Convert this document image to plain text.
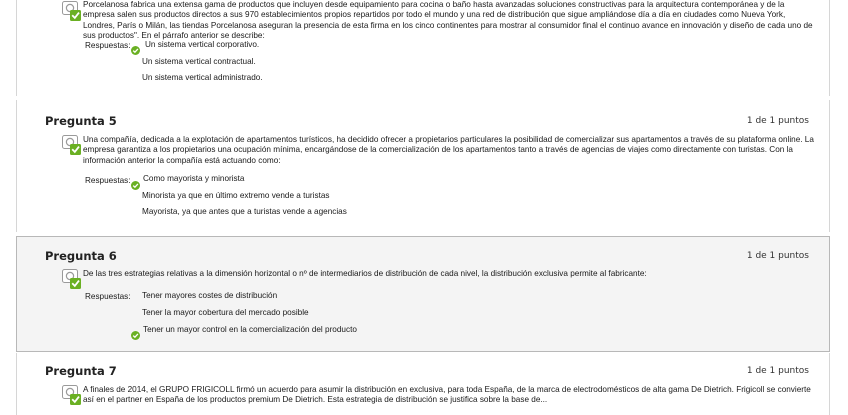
Porcelanosa fabrica una extensa gama de productos que incluyen desde equipamiento para cocina o baño hasta avanzadas soluciones constructivas para la arquitectura contemporánea y de la empresa salen sus productos directos a sus 970 establecimientos propios repartidos por todo el mundo y una red de distribución que sigue ampliándose día a día en ciudades como Nueva York, Londres, París o Milán, las tiendas Porcelanosa aseguran la presencia de esta firma en los cinco continentes para mostrar al consumidor final el continuo avance en innovación y diseño de cada uno de sus productos". En el párrafo anterior se describe:
Respuestas: Un sistema vertical corporativo.
Un sistema vertical contractual.
Un sistema vertical administrado.
Pregunta 5	1 de 1 puntos
Una compañía, dedicada a la explotación de apartamentos turísticos, ha decidido ofrecer a propietarios particulares la posibilidad de comercializar sus apartamentos a través de su plataforma online. La empresa garantiza a los propietarios una ocupación mínima, encargándose de la comercialización de los apartamentos tanto a través de agencias de viajes como directamente con turistas. Con la información anterior la compañía está actuando como:
Respuestas: Como mayorista y minorista
Minorista ya que en último extremo vende a turistas
Mayorista, ya que antes que a turistas vende a agencias
Pregunta 6	1 de 1 puntos
De las tres estrategias relativas a la dimensión horizontal o nº de intermediarios de distribución de cada nivel, la distribución exclusiva permite al fabricante:
Respuestas: Tener mayores costes de distribución
Tener la mayor cobertura del mercado posible
Tener un mayor control en la comercialización del producto
Pregunta 7	1 de 1 puntos
A finales de 2014, el GRUPO FRIGICOLL firmó un acuerdo para asumir la distribución en exclusiva, para toda España, de la marca de electrodomésticos de alta gama De Dietrich. Frigicoll se convierte así en el partner en España de los productos premium De Dietrich. Esta estrategia de distribución se justifica sobre la base de...
